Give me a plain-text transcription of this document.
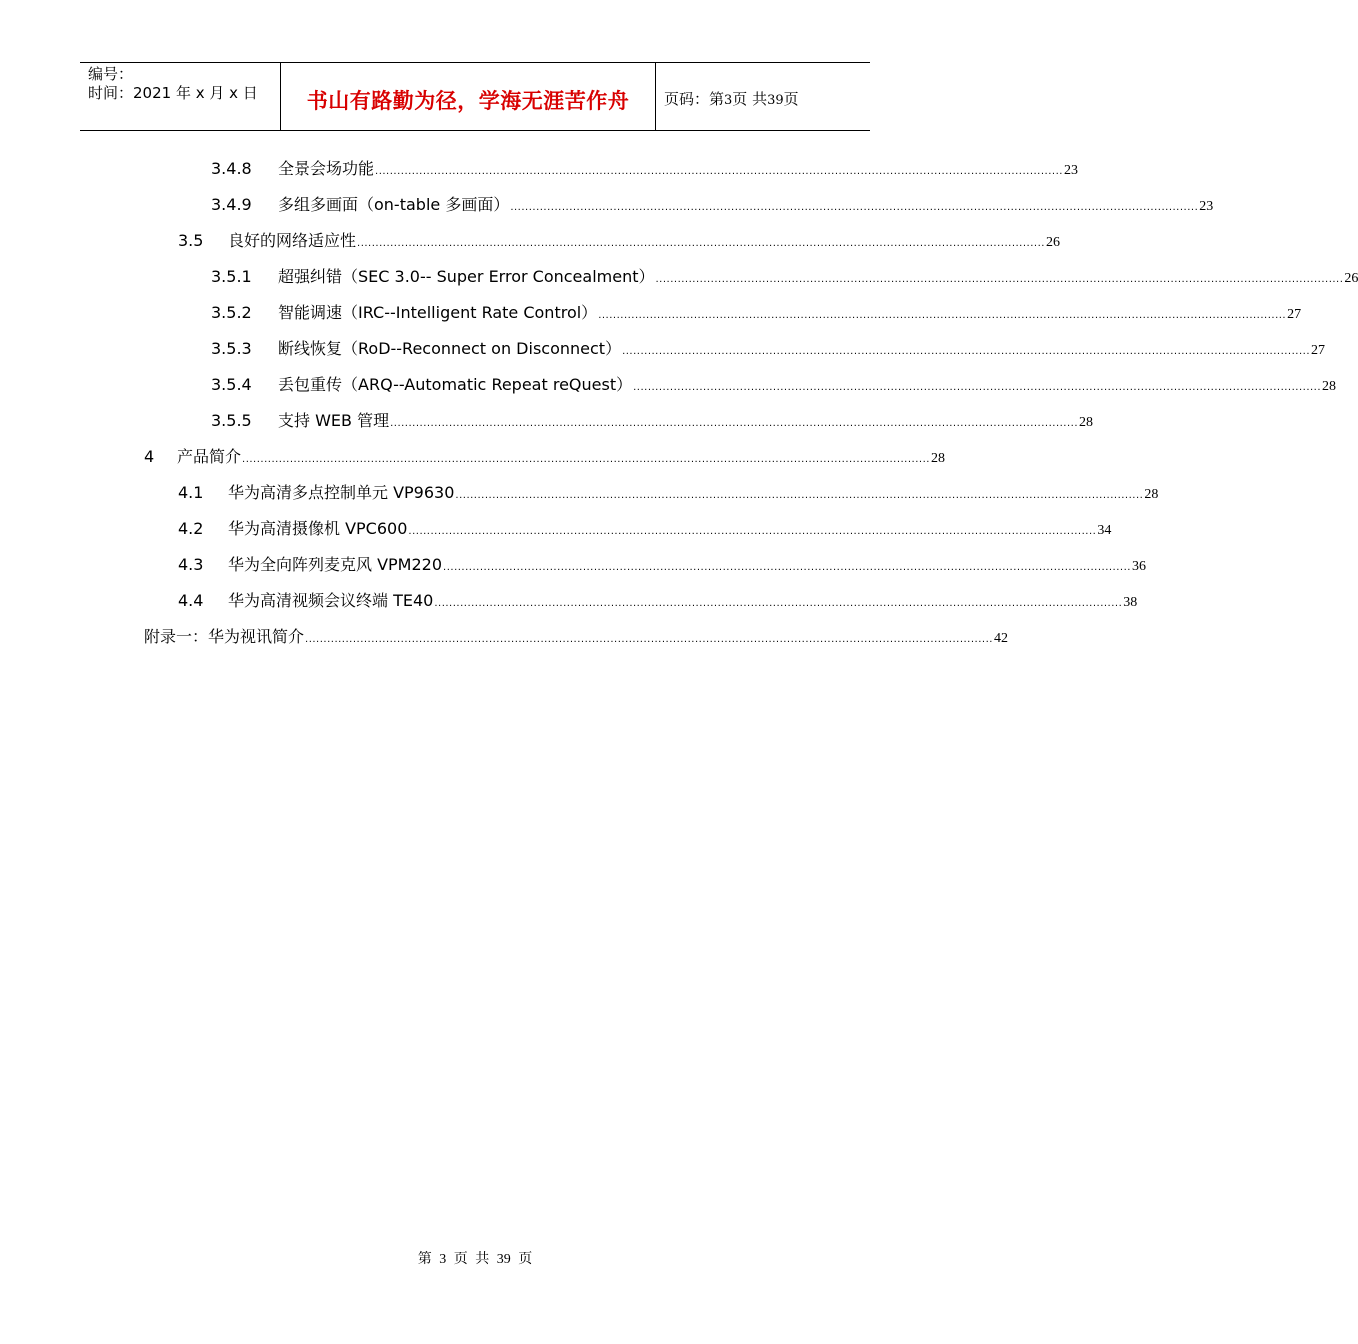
编号：
时间：2021 年 x 月 x 日	书山有路勤为径，学海无涯苦作舟	页码：第3页 共39页
3.4.8	全景会场功能 ........................................................................................................................................................................................... 23
3.4.9	多组多画面（on-table 多画面） ........................................................................................................................................................................................... 23
3.5	良好的网络适应性 ........................................................................................................................................................................................... 26
3.5.1	超强纠错（SEC 3.0-- Super Error Concealment） ........................................................................................................................................................................................... 26
3.5.2	智能调速（IRC--Intelligent Rate Control） ........................................................................................................................................................................................... 27
3.5.3	断线恢复（RoD--Reconnect on Disconnect） ........................................................................................................................................................................................... 27
3.5.4	丢包重传（ARQ--Automatic Repeat reQuest） ........................................................................................................................................................................................... 28
3.5.5	支持 WEB 管理 ........................................................................................................................................................................................... 28
4	产品简介 ........................................................................................................................................................................................... 28
4.1	华为高清多点控制单元 VP9630 ........................................................................................................................................................................................... 28
4.2	华为高清摄像机 VPC600 ........................................................................................................................................................................................... 34
4.3	华为全向阵列麦克风 VPM220 ........................................................................................................................................................................................... 36
4.4	华为高清视频会议终端 TE40 ........................................................................................................................................................................................... 38
附录一：华为视讯简介 ........................................................................................................................................................................................... 42
第 3 页 共 39 页
